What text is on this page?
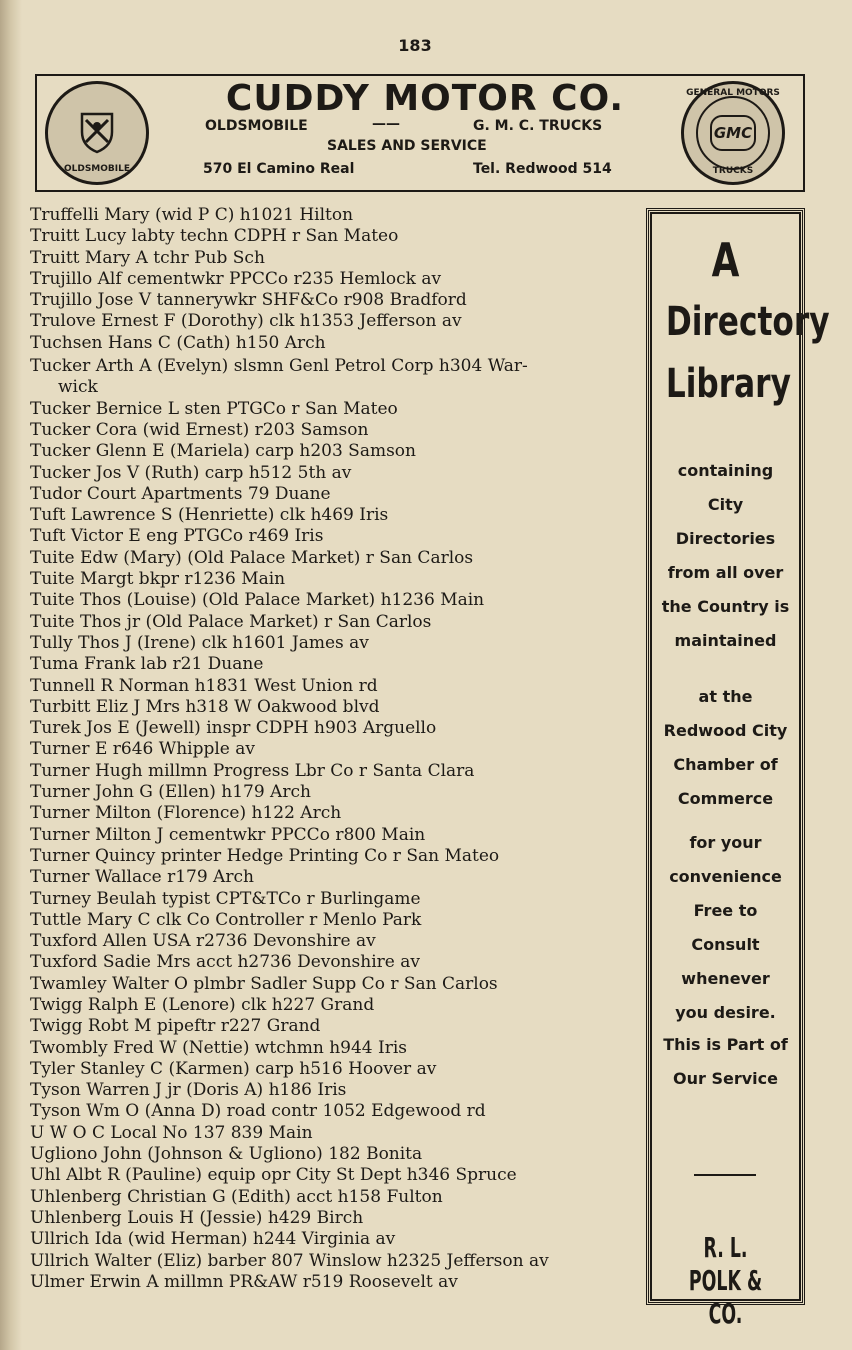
183
OLDSMOBILE
CUDDY MOTOR CO.
OLDSMOBILE	——	G. M. C. TRUCKS
SALES AND SERVICE
570 El Camino Real	Tel. Redwood 514
GENERAL MOTORS
GMC
TRUCKS
Truffelli Mary (wid P C) h1021 Hilton
Truitt Lucy labty techn CDPH r San Mateo
Truitt Mary A tchr Pub Sch
Trujillo Alf cementwkr PPCCo r235 Hemlock av
Trujillo Jose V tannerywkr SHF&Co r908 Bradford
Trulove Ernest F (Dorothy) clk h1353 Jefferson av
Tuchsen Hans C (Cath) h150 Arch
Tucker Arth A (Evelyn) slsmn Genl Petrol Corp h304 War-
wick
Tucker Bernice L sten PTGCo r San Mateo
Tucker Cora (wid Ernest) r203 Samson
Tucker Glenn E (Mariela) carp h203 Samson
Tucker Jos V (Ruth) carp h512 5th av
Tudor Court Apartments 79 Duane
Tuft Lawrence S (Henriette) clk h469 Iris
Tuft Victor E eng PTGCo r469 Iris
Tuite Edw (Mary) (Old Palace Market) r San Carlos
Tuite Margt bkpr r1236 Main
Tuite Thos (Louise) (Old Palace Market) h1236 Main
Tuite Thos jr (Old Palace Market) r San Carlos
Tully Thos J (Irene) clk h1601 James av
Tuma Frank lab r21 Duane
Tunnell R Norman h1831 West Union rd
Turbitt Eliz J Mrs h318 W Oakwood blvd
Turek Jos E (Jewell) inspr CDPH h903 Arguello
Turner E r646 Whipple av
Turner Hugh millmn Progress Lbr Co r Santa Clara
Turner John G (Ellen) h179 Arch
Turner Milton (Florence) h122 Arch
Turner Milton J cementwkr PPCCo r800 Main
Turner Quincy printer Hedge Printing Co r San Mateo
Turner Wallace r179 Arch
Turney Beulah typist CPT&TCo r Burlingame
Tuttle Mary C clk Co Controller r Menlo Park
Tuxford Allen USA r2736 Devonshire av
Tuxford Sadie Mrs acct h2736 Devonshire av
Twamley Walter O plmbr Sadler Supp Co r San Carlos
Twigg Ralph E (Lenore) clk h227 Grand
Twigg Robt M pipeftr r227 Grand
Twombly Fred W (Nettie) wtchmn h944 Iris
Tyler Stanley C (Karmen) carp h516 Hoover av
Tyson Warren J jr (Doris A) h186 Iris
Tyson Wm O (Anna D) road contr 1052 Edgewood rd
U W O C Local No 137 839 Main
Ugliono John (Johnson & Ugliono) 182 Bonita
Uhl Albt R (Pauline) equip opr City St Dept h346 Spruce
Uhlenberg Christian G (Edith) acct h158 Fulton
Uhlenberg Louis H (Jessie) h429 Birch
Ullrich Ida (wid Herman) h244 Virginia av
Ullrich Walter (Eliz) barber 807 Winslow h2325 Jefferson av
Ulmer Erwin A millmn PR&AW r519 Roosevelt av
A
Directory
Library
containing
City
Directories
from all over
the Country is
maintained
at the
Redwood City
Chamber of
Commerce
for your
convenience
Free to
Consult
whenever
you desire.
This is Part of
Our Service
R. L. POLK & CO.
